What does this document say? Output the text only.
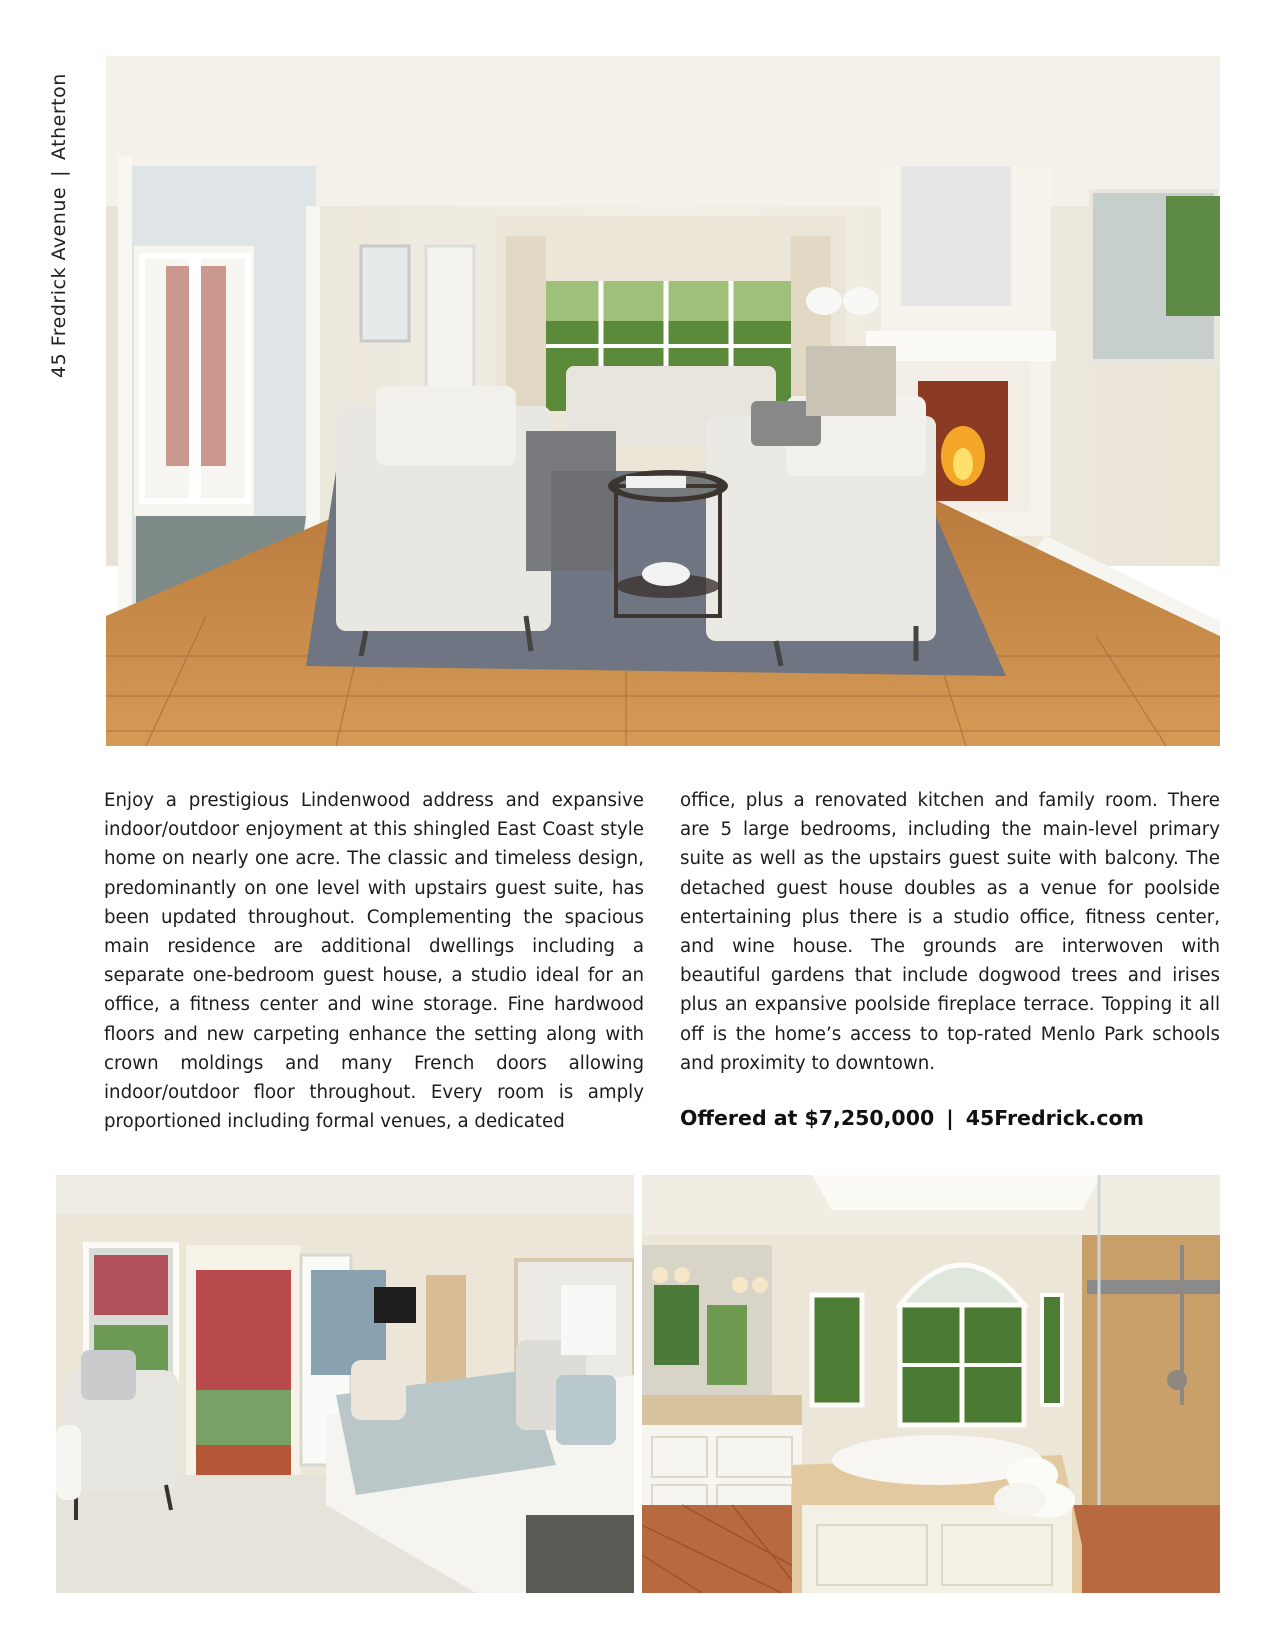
45 Fredrick Avenue|Atherton

Enjoy a prestigious Lindenwood address and expansive indoor/outdoor enjoyment at this shingled East Coast style home on nearly one acre. The classic and timeless design, predominantly on one level with upstairs guest suite, has been updated throughout. Complementing the spacious main residence are additional dwellings including a separate one-bedroom guest house, a studio ideal for an office, a fitness center and wine storage. Fine hardwood floors and new carpeting enhance the setting along with crown moldings and many French doors allowing indoor/outdoor floor throughout. Every room is amply proportioned including formal venues, a dedicated

office, plus a renovated kitchen and family room. There are 5 large bedrooms, including the main-level primary suite as well as the upstairs guest suite with balcony. The detached guest house doubles as a venue for poolside entertaining plus there is a studio office, fitness center, and wine house. The grounds are interwoven with beautiful gardens that include dogwood trees and irises plus an expansive poolside fireplace terrace. Topping it all off is the home’s access to top-rated Menlo Park schools and proximity to downtown.

Offered at $7,250,000 | 45Fredrick.com
